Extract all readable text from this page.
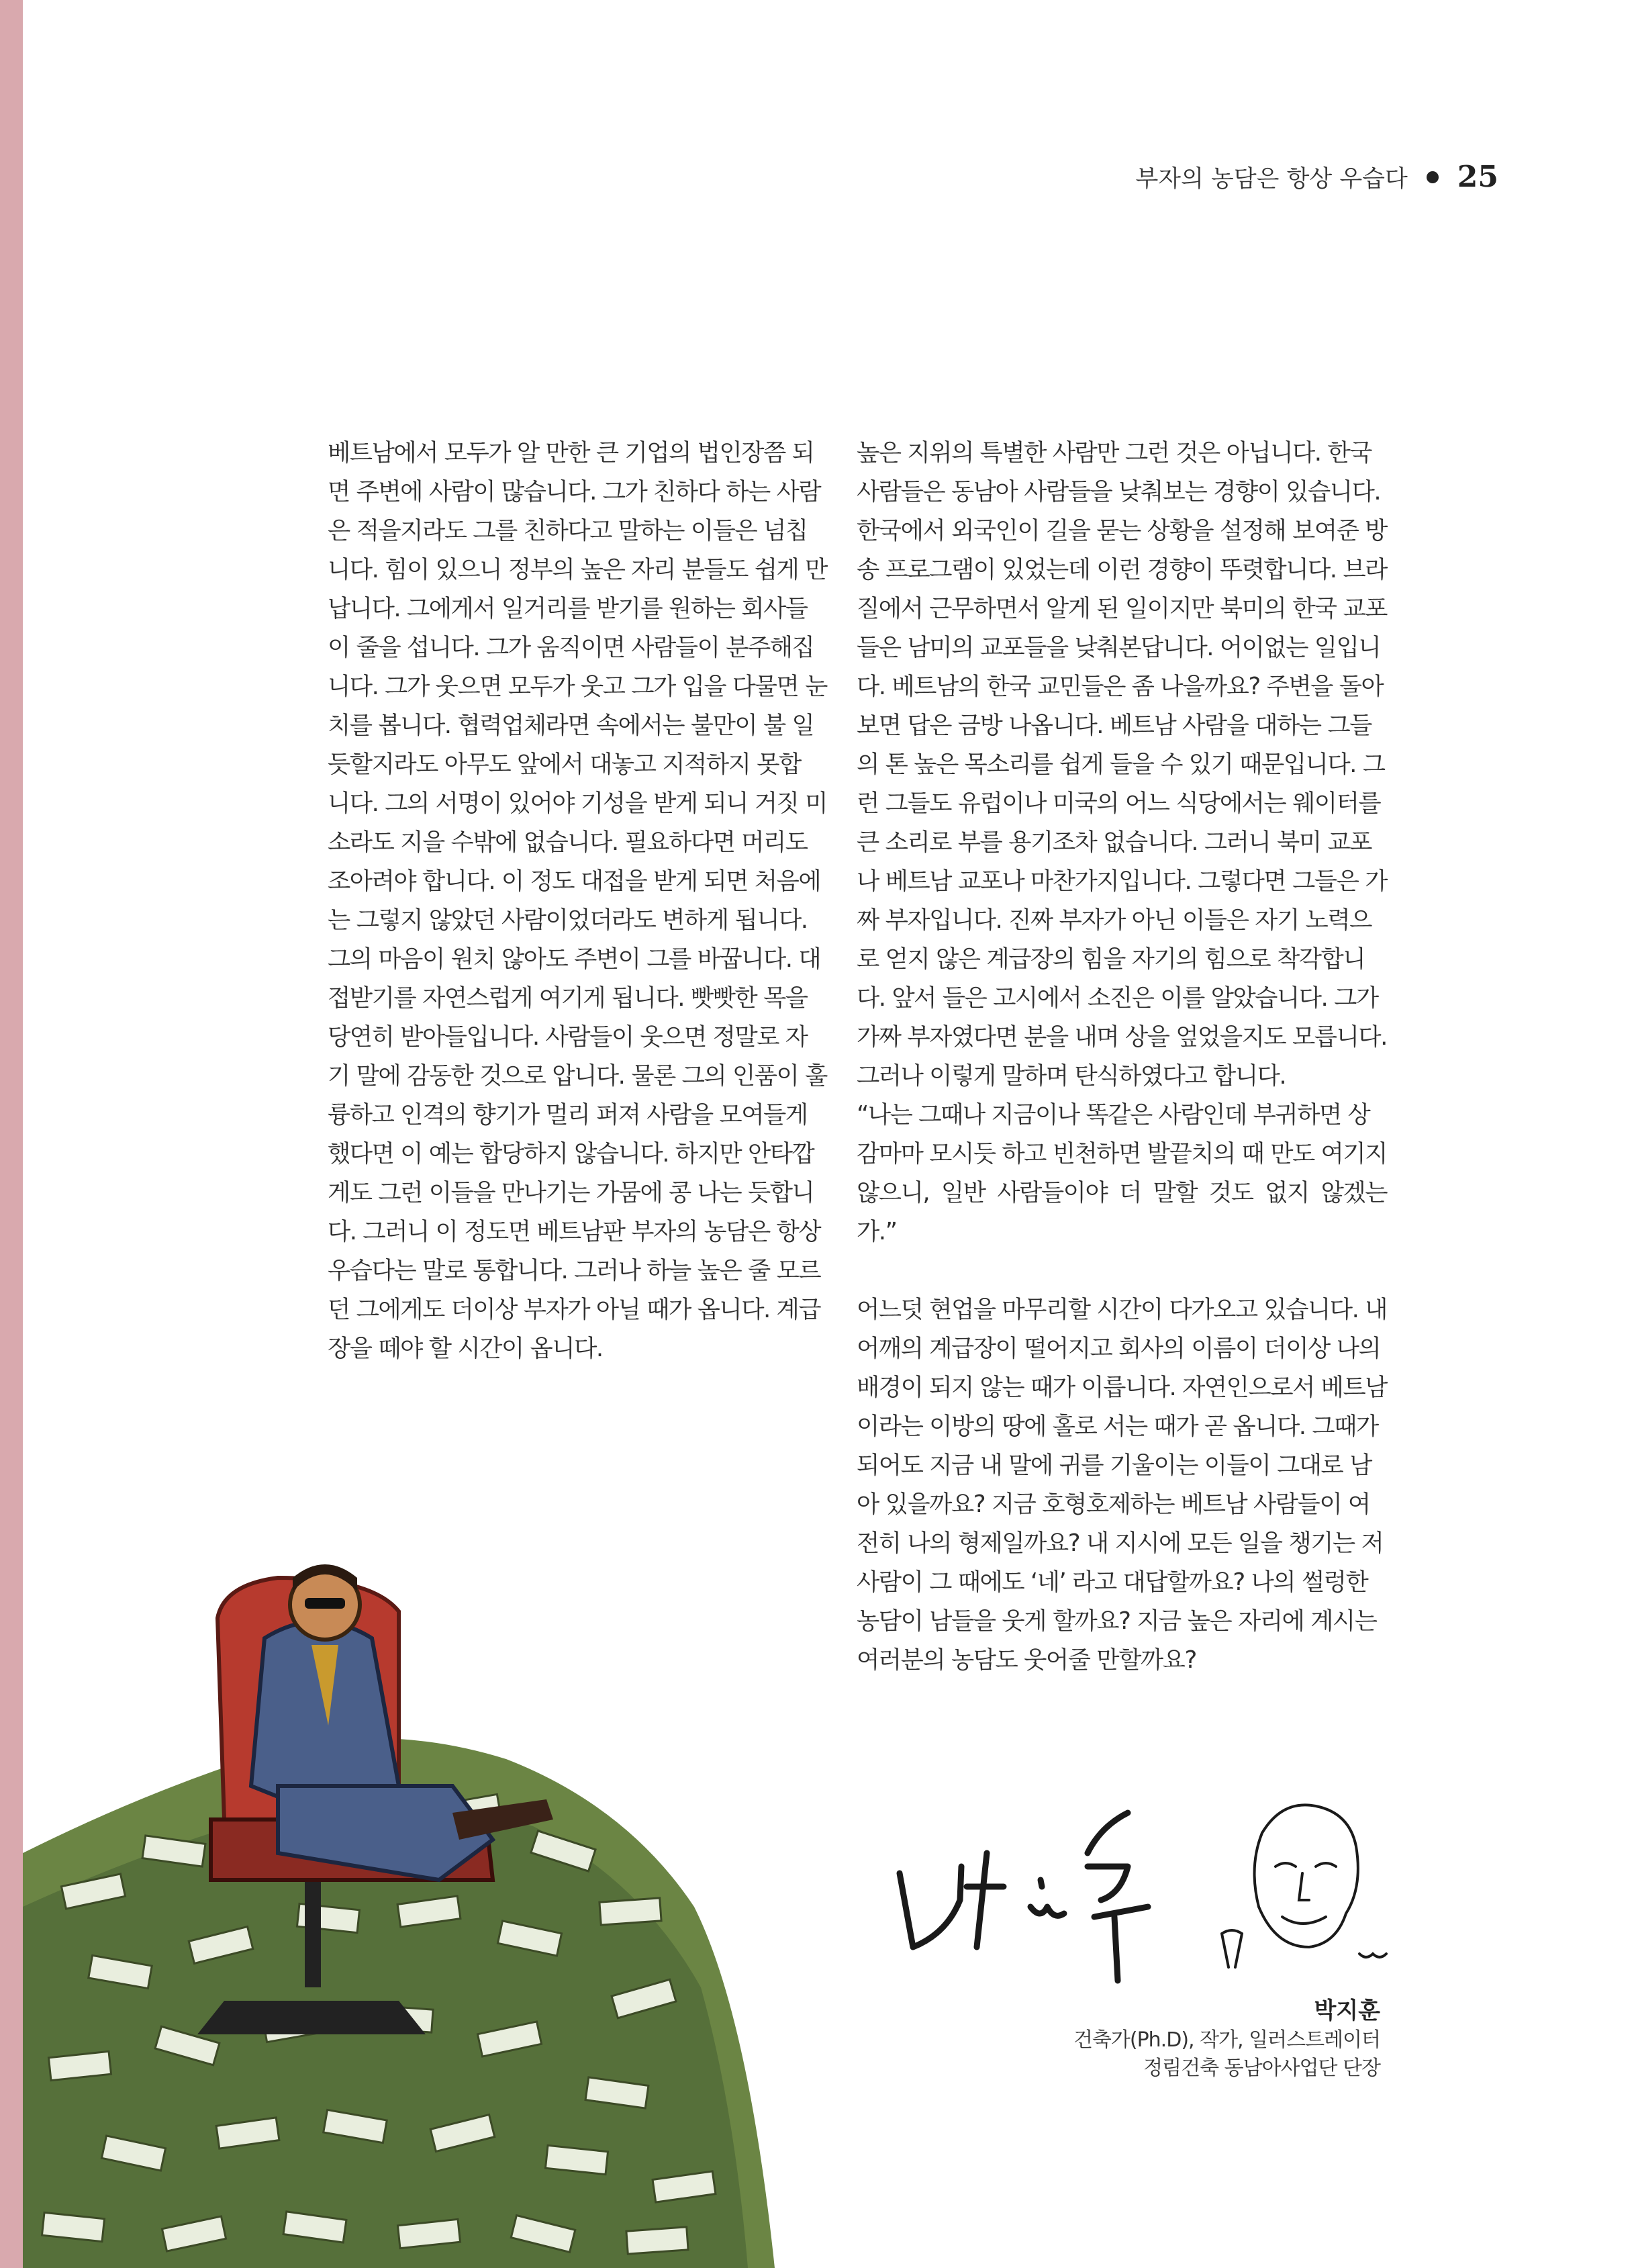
부자의 농담은 항상 우습다 25

베트남에서 모두가 알 만한 큰 기업의 법인장쯤 되
면 주변에 사람이 많습니다. 그가 친하다 하는 사람
은 적을지라도 그를 친하다고 말하는 이들은 넘칩
니다. 힘이 있으니 정부의 높은 자리 분들도 쉽게 만
납니다. 그에게서 일거리를 받기를 원하는 회사들
이 줄을 섭니다. 그가 움직이면 사람들이 분주해집
니다. 그가 웃으면 모두가 웃고 그가 입을 다물면 눈
치를 봅니다. 협력업체라면 속에서는 불만이 불 일
듯할지라도 아무도 앞에서 대놓고 지적하지 못합
니다. 그의 서명이 있어야 기성을 받게 되니 거짓 미
소라도 지을 수밖에 없습니다. 필요하다면 머리도
조아려야 합니다. 이 정도 대접을 받게 되면 처음에
는 그렇지 않았던 사람이었더라도 변하게 됩니다.
그의 마음이 원치 않아도 주변이 그를 바꿉니다. 대
접받기를 자연스럽게 여기게 됩니다. 빳빳한 목을
당연히 받아들입니다. 사람들이 웃으면 정말로 자
기 말에 감동한 것으로 압니다. 물론 그의 인품이 훌
륭하고 인격의 향기가 멀리 퍼져 사람을 모여들게
했다면 이 예는 합당하지 않습니다. 하지만 안타깝
게도 그런 이들을 만나기는 가뭄에 콩 나는 듯합니
다. 그러니 이 정도면 베트남판 부자의 농담은 항상
우습다는 말로 통합니다. 그러나 하늘 높은 줄 모르
던 그에게도 더이상 부자가 아닐 때가 옵니다. 계급
장을 떼야 할 시간이 옵니다.

높은 지위의 특별한 사람만 그런 것은 아닙니다. 한국
사람들은 동남아 사람들을 낮춰보는 경향이 있습니다.
한국에서 외국인이 길을 묻는 상황을 설정해 보여준 방
송 프로그램이 있었는데 이런 경향이 뚜렷합니다. 브라
질에서 근무하면서 알게 된 일이지만 북미의 한국 교포
들은 남미의 교포들을 낮춰본답니다. 어이없는 일입니
다. 베트남의 한국 교민들은 좀 나을까요? 주변을 돌아
보면 답은 금방 나옵니다. 베트남 사람을 대하는 그들
의 톤 높은 목소리를 쉽게 들을 수 있기 때문입니다. 그
런 그들도 유럽이나 미국의 어느 식당에서는 웨이터를
큰 소리로 부를 용기조차 없습니다. 그러니 북미 교포
나 베트남 교포나 마찬가지입니다. 그렇다면 그들은 가
짜 부자입니다. 진짜 부자가 아닌 이들은 자기 노력으
로 얻지 않은 계급장의 힘을 자기의 힘으로 착각합니
다. 앞서 들은 고시에서 소진은 이를 알았습니다. 그가
가짜 부자였다면 분을 내며 상을 엎었을지도 모릅니다.
그러나 이렇게 말하며 탄식하였다고 합니다.

“나는 그때나 지금이나 똑같은 사람인데 부귀하면 상
감마마 모시듯 하고 빈천하면 발끝치의 때 만도 여기지
않으니, 일반 사람들이야 더 말할 것도 없지 않겠는가.”

어느덧 현업을 마무리할 시간이 다가오고 있습니다. 내
어깨의 계급장이 떨어지고 회사의 이름이 더이상 나의
배경이 되지 않는 때가 이릅니다. 자연인으로서 베트남
이라는 이방의 땅에 홀로 서는 때가 곧 옵니다. 그때가
되어도 지금 내 말에 귀를 기울이는 이들이 그대로 남
아 있을까요? 지금 호형호제하는 베트남 사람들이 여
전히 나의 형제일까요? 내 지시에 모든 일을 챙기는 저
사람이 그 때에도 ‘네’ 라고 대답할까요? 나의 썰렁한
농담이 남들을 웃게 할까요? 지금 높은 자리에 계시는
여러분의 농담도 웃어줄 만할까요?

박지훈
건축가(Ph.D), 작가, 일러스트레이터
정림건축 동남아사업단 단장
